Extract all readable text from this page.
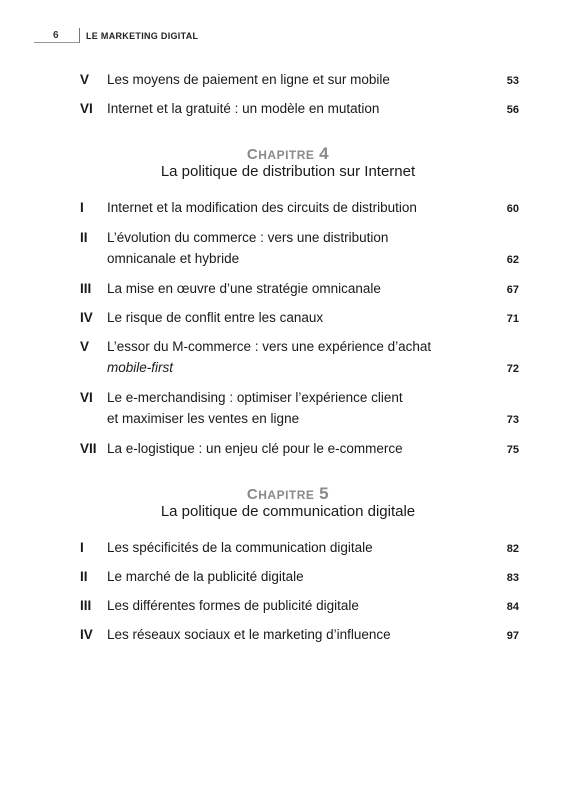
6	LE MARKETING DIGITAL
V	Les moyens de paiement en ligne et sur mobile	53
VI	Internet et la gratuité : un modèle en mutation	56
CHAPITRE 4
La politique de distribution sur Internet
I	Internet et la modification des circuits de distribution	60
II	L’évolution du commerce : vers une distribution
omnicanale et hybride	62
III	La mise en œuvre d’une stratégie omnicanale	67
IV	Le risque de conflit entre les canaux	71
V	L’essor du M-commerce : vers une expérience d’achat
mobile-first	72
VI	Le e-merchandising : optimiser l’expérience client
et maximiser les ventes en ligne	73
VII La e-logistique : un enjeu clé pour le e-commerce	75
CHAPITRE 5
La politique de communication digitale
I	Les spécificités de la communication digitale	82
II	Le marché de la publicité digitale	83
III	Les différentes formes de publicité digitale	84
IV	Les réseaux sociaux et le marketing d’influence	97
